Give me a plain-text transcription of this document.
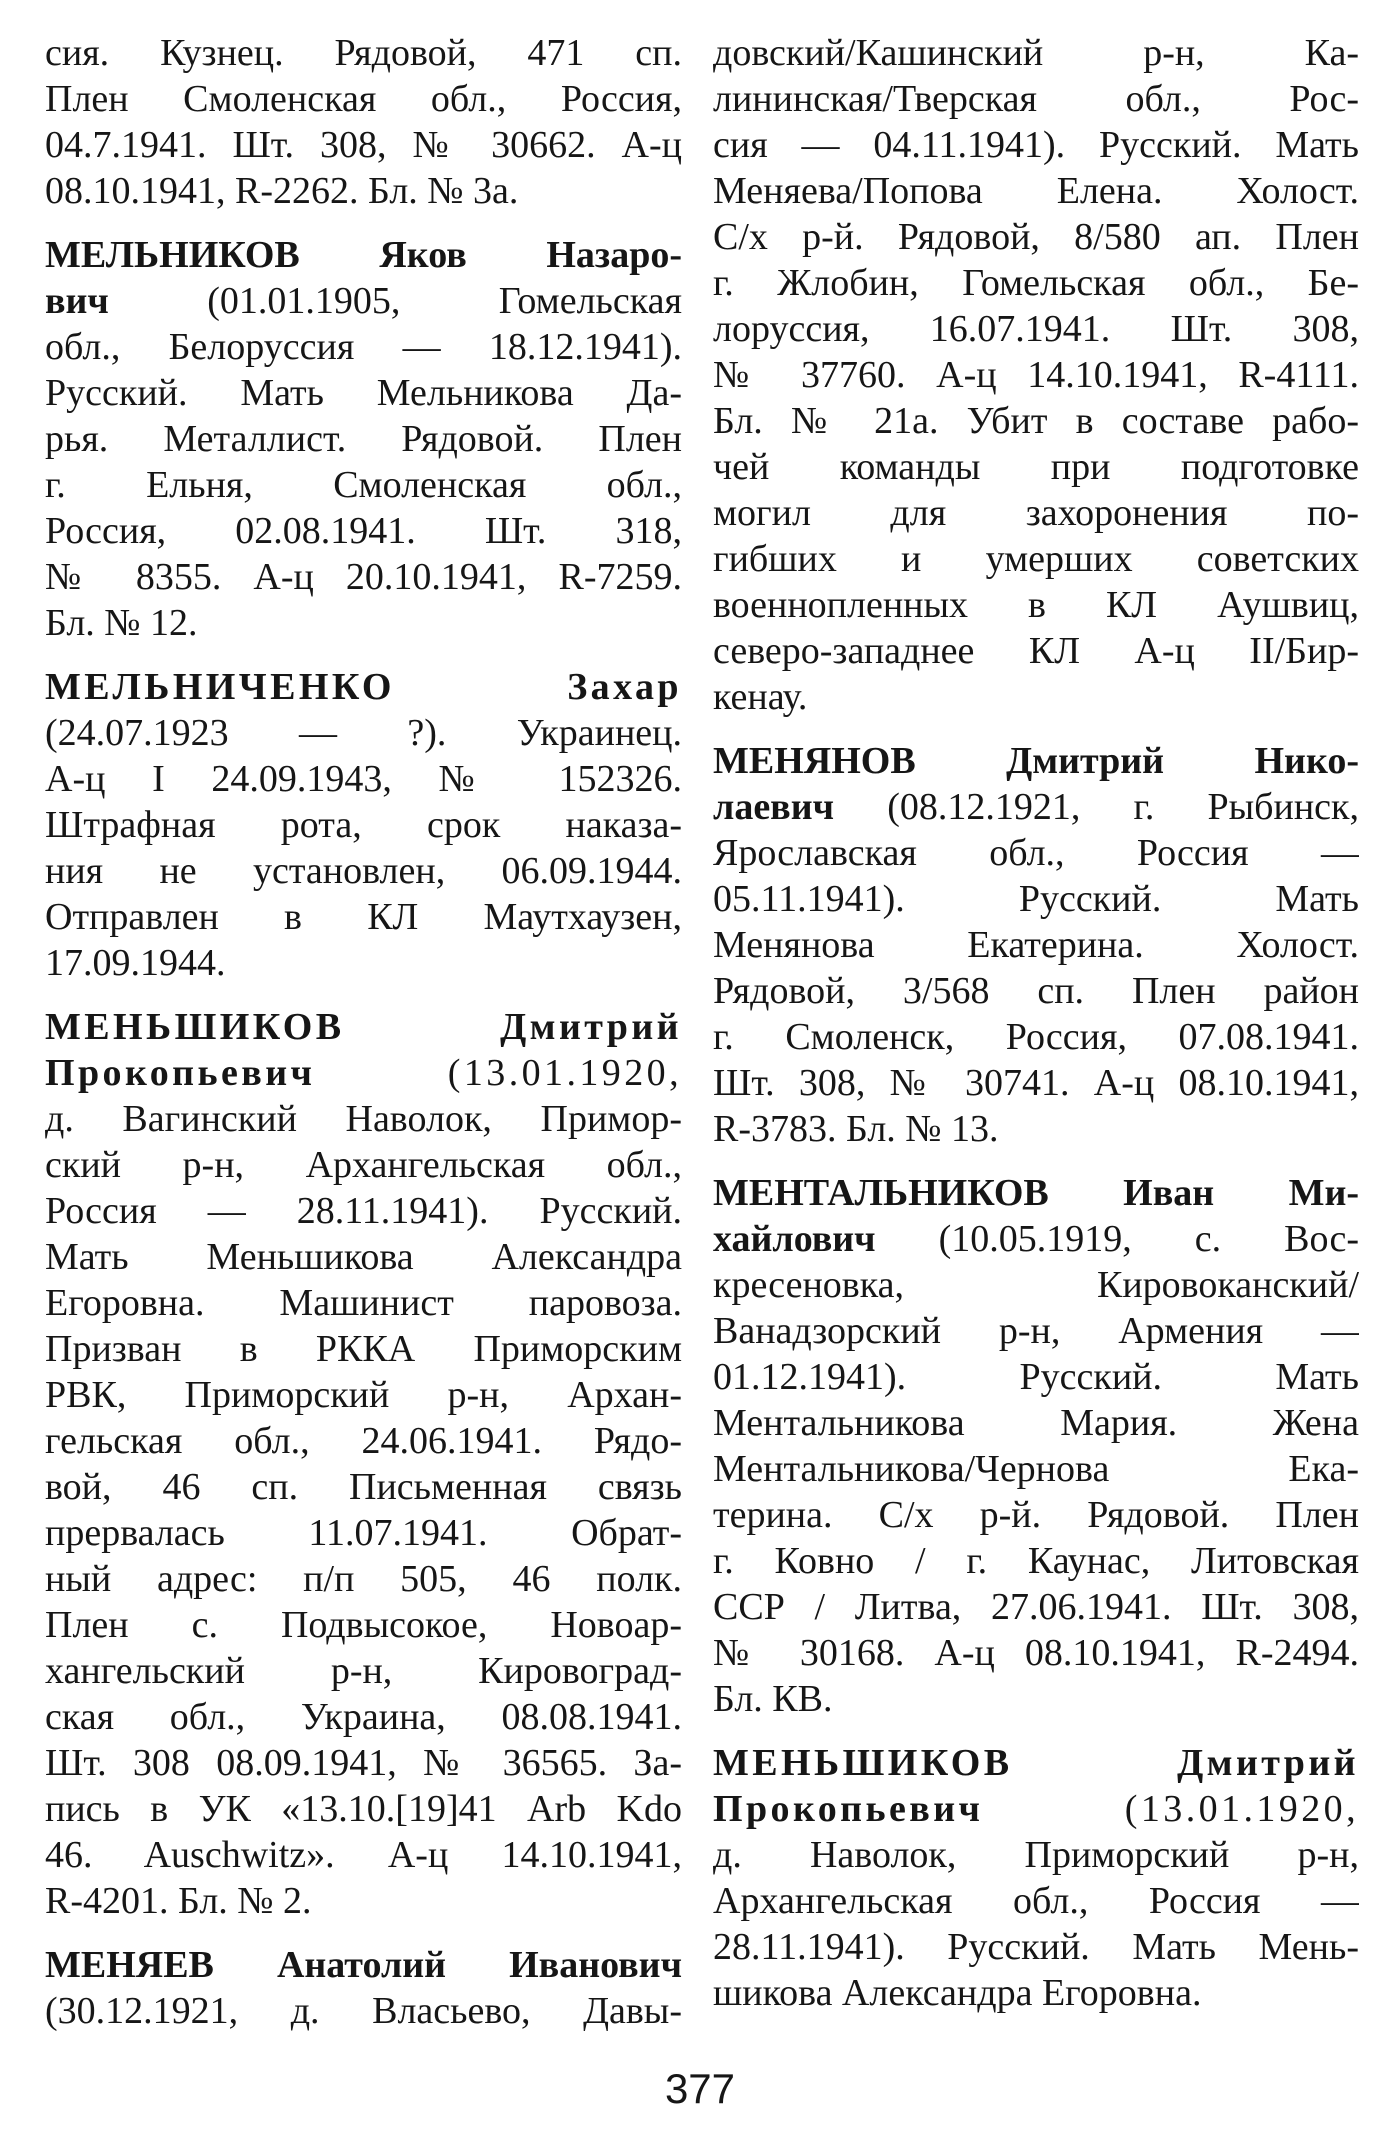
сия. Кузнец. Рядовой, 471 сп.
Плен Смоленская обл., Россия,
04.7.1941. Шт. 308, № 30662. А-ц
08.10.1941, R-2262. Бл. № 3а.
МЕЛЬНИКОВ Яков Назаро-
вич (01.01.1905, Гомельская
обл., Белоруссия — 18.12.1941).
Русский. Мать Мельникова Да-
рья. Металлист. Рядовой. Плен
г. Ельня, Смоленская обл.,
Россия, 02.08.1941. Шт. 318,
№ 8355. А-ц 20.10.1941, R-7259.
Бл. № 12.
МЕЛЬНИЧЕНКО Захар
(24.07.1923 — ?). Украинец.
А-ц I 24.09.1943, № 152326.
Штрафная рота, срок наказа-
ния не установлен, 06.09.1944.
Отправлен в КЛ Маутхаузен,
17.09.1944.
МЕНЬШИКОВ Дмитрий
Прокопьевич (13.01.1920,
д. Вагинский Наволок, Примор-
ский р-н, Архангельская обл.,
Россия — 28.11.1941). Русский.
Мать Меньшикова Александра
Егоровна. Машинист паровоза.
Призван в РККА Приморским
РВК, Приморский р-н, Архан-
гельская обл., 24.06.1941. Рядо-
вой, 46 сп. Письменная связь
прервалась 11.07.1941. Обрат-
ный адрес: п/п 505, 46 полк.
Плен с. Подвысокое, Новоар-
хангельский р-н, Кировоград-
ская обл., Украина, 08.08.1941.
Шт. 308 08.09.1941, № 36565. За-
пись в УК «13.10.[19]41 Arb Kdo
46. Auschwitz». А-ц 14.10.1941,
R-4201. Бл. № 2.
МЕНЯЕВ Анатолий Иванович
(30.12.1921, д. Власьево, Давы-
довский/Кашинский р-н, Ка-
лининская/Тверская обл., Рос-
сия — 04.11.1941). Русский. Мать
Меняева/Попова Елена. Холост.
С/х р-й. Рядовой, 8/580 ап. Плен
г. Жлобин, Гомельская обл., Бе-
лоруссия, 16.07.1941. Шт. 308,
№ 37760. А-ц 14.10.1941, R-4111.
Бл. № 21а. Убит в составе рабо-
чей команды при подготовке
могил для захоронения по-
гибших и умерших советских
военнопленных в КЛ Аушвиц,
северо-западнее КЛ А-ц II/Бир-
кенау.
МЕНЯНОВ Дмитрий Нико-
лаевич (08.12.1921, г. Рыбинск,
Ярославская обл., Россия —
05.11.1941). Русский. Мать
Менянова Екатерина. Холост.
Рядовой, 3/568 сп. Плен район
г. Смоленск, Россия, 07.08.1941.
Шт. 308, № 30741. А-ц 08.10.1941,
R-3783. Бл. № 13.
МЕНТАЛЬНИКОВ Иван Ми-
хайлович (10.05.1919, с. Вос-
кресеновка, Кировоканский/
Ванадзорский р-н, Армения —
01.12.1941). Русский. Мать
Ментальникова Мария. Жена
Ментальникова/Чернова Ека-
терина. С/х р-й. Рядовой. Плен
г. Ковно / г. Каунас, Литовская
ССР / Литва, 27.06.1941. Шт. 308,
№ 30168. А-ц 08.10.1941, R-2494.
Бл. КВ.
МЕНЬШИКОВ Дмитрий
Прокопьевич (13.01.1920,
д. Наволок, Приморский р-н,
Архангельская обл., Россия —
28.11.1941). Русский. Мать Мень-
шикова Александра Егоровна.
377
